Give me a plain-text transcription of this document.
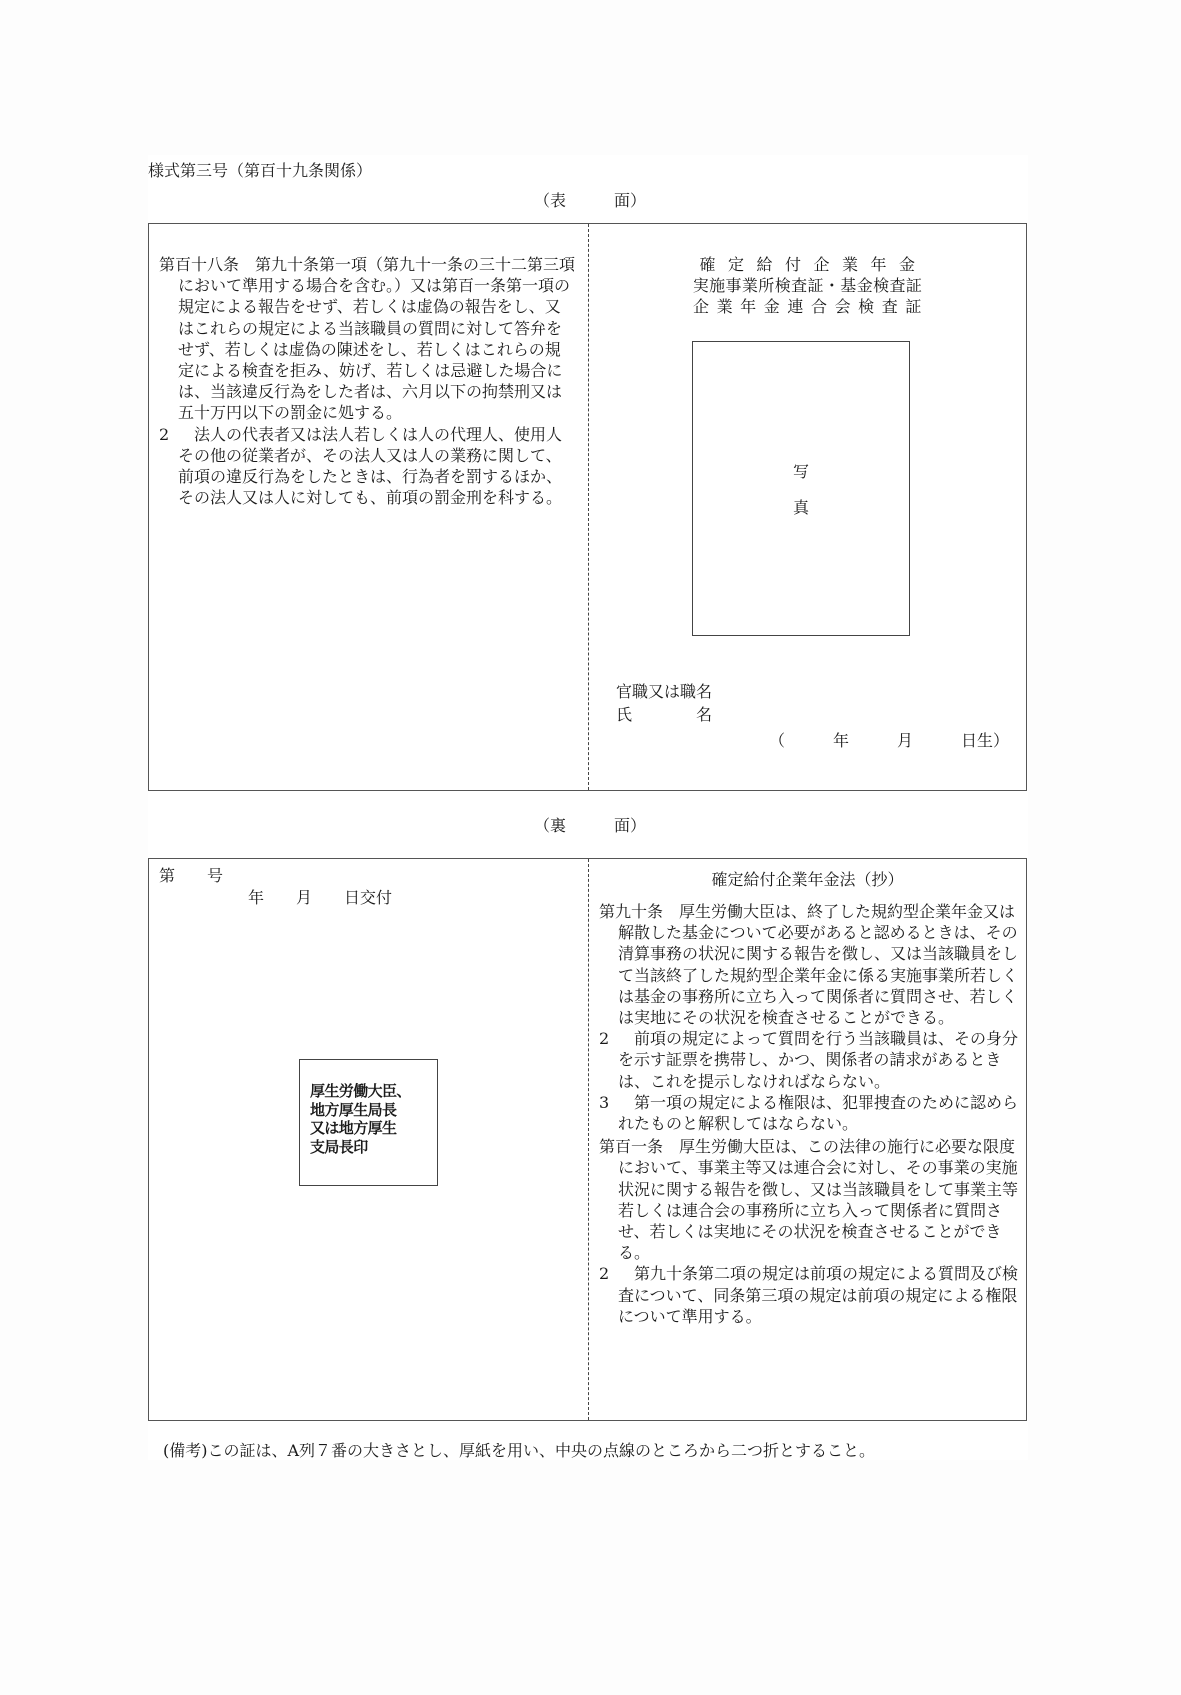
様式第三号（第百十九条関係）
（表　　　面）

第百十八条　第九十条第一項（第九十一条の三十二第三項において準用する場合を含む。）又は第百一条第一項の規定による報告をせず、若しくは虚偽の報告をし、又はこれらの規定による当該職員の質問に対して答弁をせず、若しくは虚偽の陳述をし、若しくはこれらの規定による検査を拒み、妨げ、若しくは忌避した場合には、当該違反行為をした者は、六月以下の拘禁刑又は五十万円以下の罰金に処する。

2　 法人の代表者又は法人若しくは人の代理人、使用人その他の従業者が、その法人又は人の業務に関して、前項の違反行為をしたときは、行為者を罰するほか、その法人又は人に対しても、前項の罰金刑を科する。

確定給付企業年金
実施事業所検査証・基金検査証
企業年金連合会検査証
写
真
官職又は職名
氏　　　　名
（　　　年　　　月　　　日生）
（裏　　　面）
第　　号
年　　月　　日交付
厚生労働大臣、
地方厚生局長
又は地方厚生
支局長印
確定給付企業年金法（抄）

第九十条　厚生労働大臣は、終了した規約型企業年金又は解散した基金について必要があると認めるときは、その清算事務の状況に関する報告を徴し、又は当該職員をして当該終了した規約型企業年金に係る実施事業所若しくは基金の事務所に立ち入って関係者に質問させ、若しくは実地にその状況を検査させることができる。

2　 前項の規定によって質問を行う当該職員は、その身分を示す証票を携帯し、かつ、関係者の請求があるときは、これを提示しなければならない。

3　 第一項の規定による権限は、犯罪捜査のために認められたものと解釈してはならない。

第百一条　厚生労働大臣は、この法律の施行に必要な限度において、事業主等又は連合会に対し、その事業の実施状況に関する報告を徴し、又は当該職員をして事業主等若しくは連合会の事務所に立ち入って関係者に質問させ、若しくは実地にその状況を検査させることができる。

2　 第九十条第二項の規定は前項の規定による質問及び検査について、同条第三項の規定は前項の規定による権限について準用する。

(備考)この証は、A列７番の大きさとし、厚紙を用い、中央の点線のところから二つ折とすること。
